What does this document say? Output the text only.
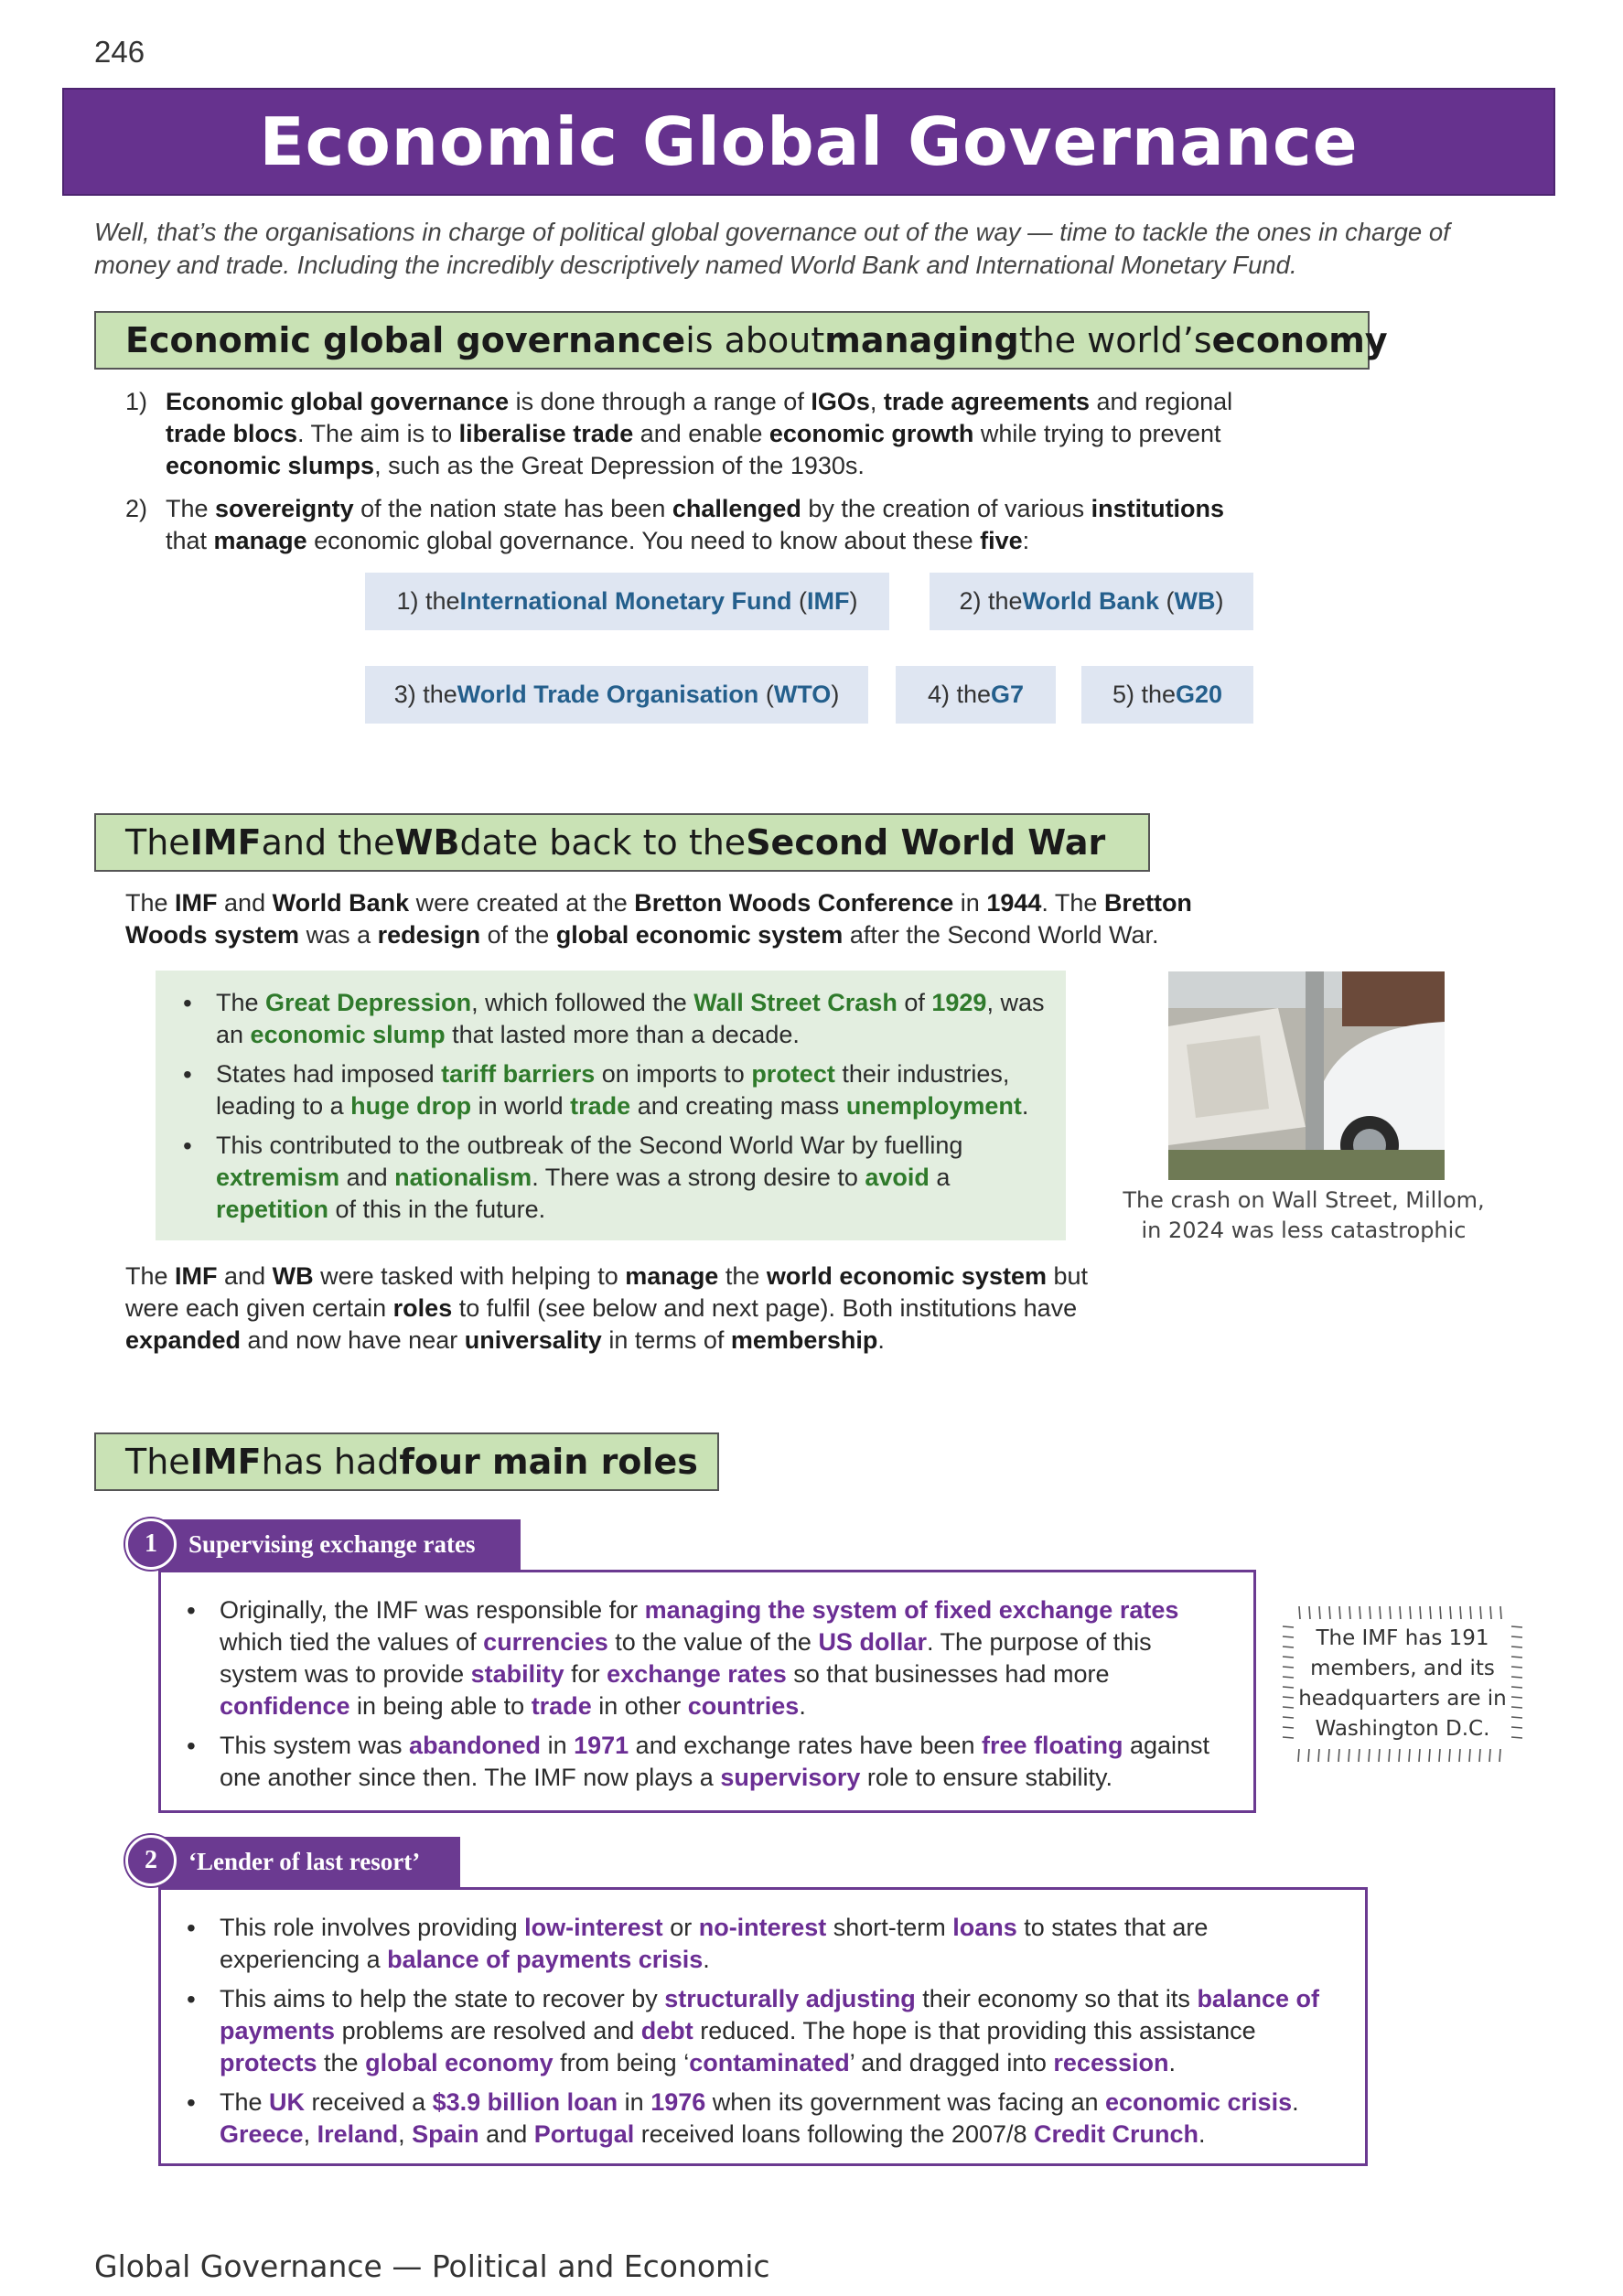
246
Economic Global Governance
Well, that’s the organisations in charge of political global governance out of the way — time to tackle the ones in charge of money and trade. Including the incredibly descriptively named World Bank and International Monetary Fund.
Economic global governance is about managing the world’s economy
1) Economic global governance is done through a range of IGOs, trade agreements and regional trade blocs. The aim is to liberalise trade and enable economic growth while trying to prevent economic slumps, such as the Great Depression of the 1930s.
2) The sovereignty of the nation state has been challenged by the creation of various institutions that manage economic global governance. You need to know about these five:
1) the International Monetary Fund ( IMF )	2) the World Bank ( WB )
3) the World Trade Organisation ( WTO )	4) the G7	5) the G20
The IMF and the WB date back to the Second World War
The IMF and World Bank were created at the Bretton Woods Conference in 1944. The Bretton Woods system was a redesign of the global economic system after the Second World War.
• The Great Depression, which followed the Wall Street Crash of 1929, was an economic slump that lasted more than a decade.
• States had imposed tariff barriers on imports to protect their industries, leading to a huge drop in world trade and creating mass unemployment.
• This contributed to the outbreak of the Second World War by fuelling extremism and nationalism. There was a strong desire to avoid a repetition of this in the future.	The crash on Wall Street, Millom, in 2024 was less catastrophic
The IMF and WB were tasked with helping to manage the world economic system but were each given certain roles to fulfil (see below and next page). Both institutions have expanded and now have near universality in terms of membership.
The IMF has had four main roles
• Originally, the IMF was responsible for managing the system of fixed exchange rates which tied the values of currencies to the value of the US dollar. The purpose of this system was to provide stability for exchange rates so that businesses had more confidence in being able to trade in other countries.
• This system was abandoned in 1971 and exchange rates have been free floating against one another since then. The IMF now plays a supervisory role to ensure stability.
Supervising exchange rates
1
• This role involves providing low-interest or no-interest short-term loans to states that are experiencing a balance of payments crisis.
• This aims to help the state to recover by structurally adjusting their economy so that its balance of payments problems are resolved and debt reduced. The hope is that providing this assistance protects the global economy from being ‘contaminated’ and dragged into recession.
• The UK received a $3.9 billion loan in 1976 when its government was facing an economic crisis. Greece, Ireland, Spain and Portugal received loans following the 2007/8 Credit Crunch.
‘Lender of last resort’
2
The IMF has 191 members, and its headquarters are in Washington D.C.
Global Governance — Political and Economic
